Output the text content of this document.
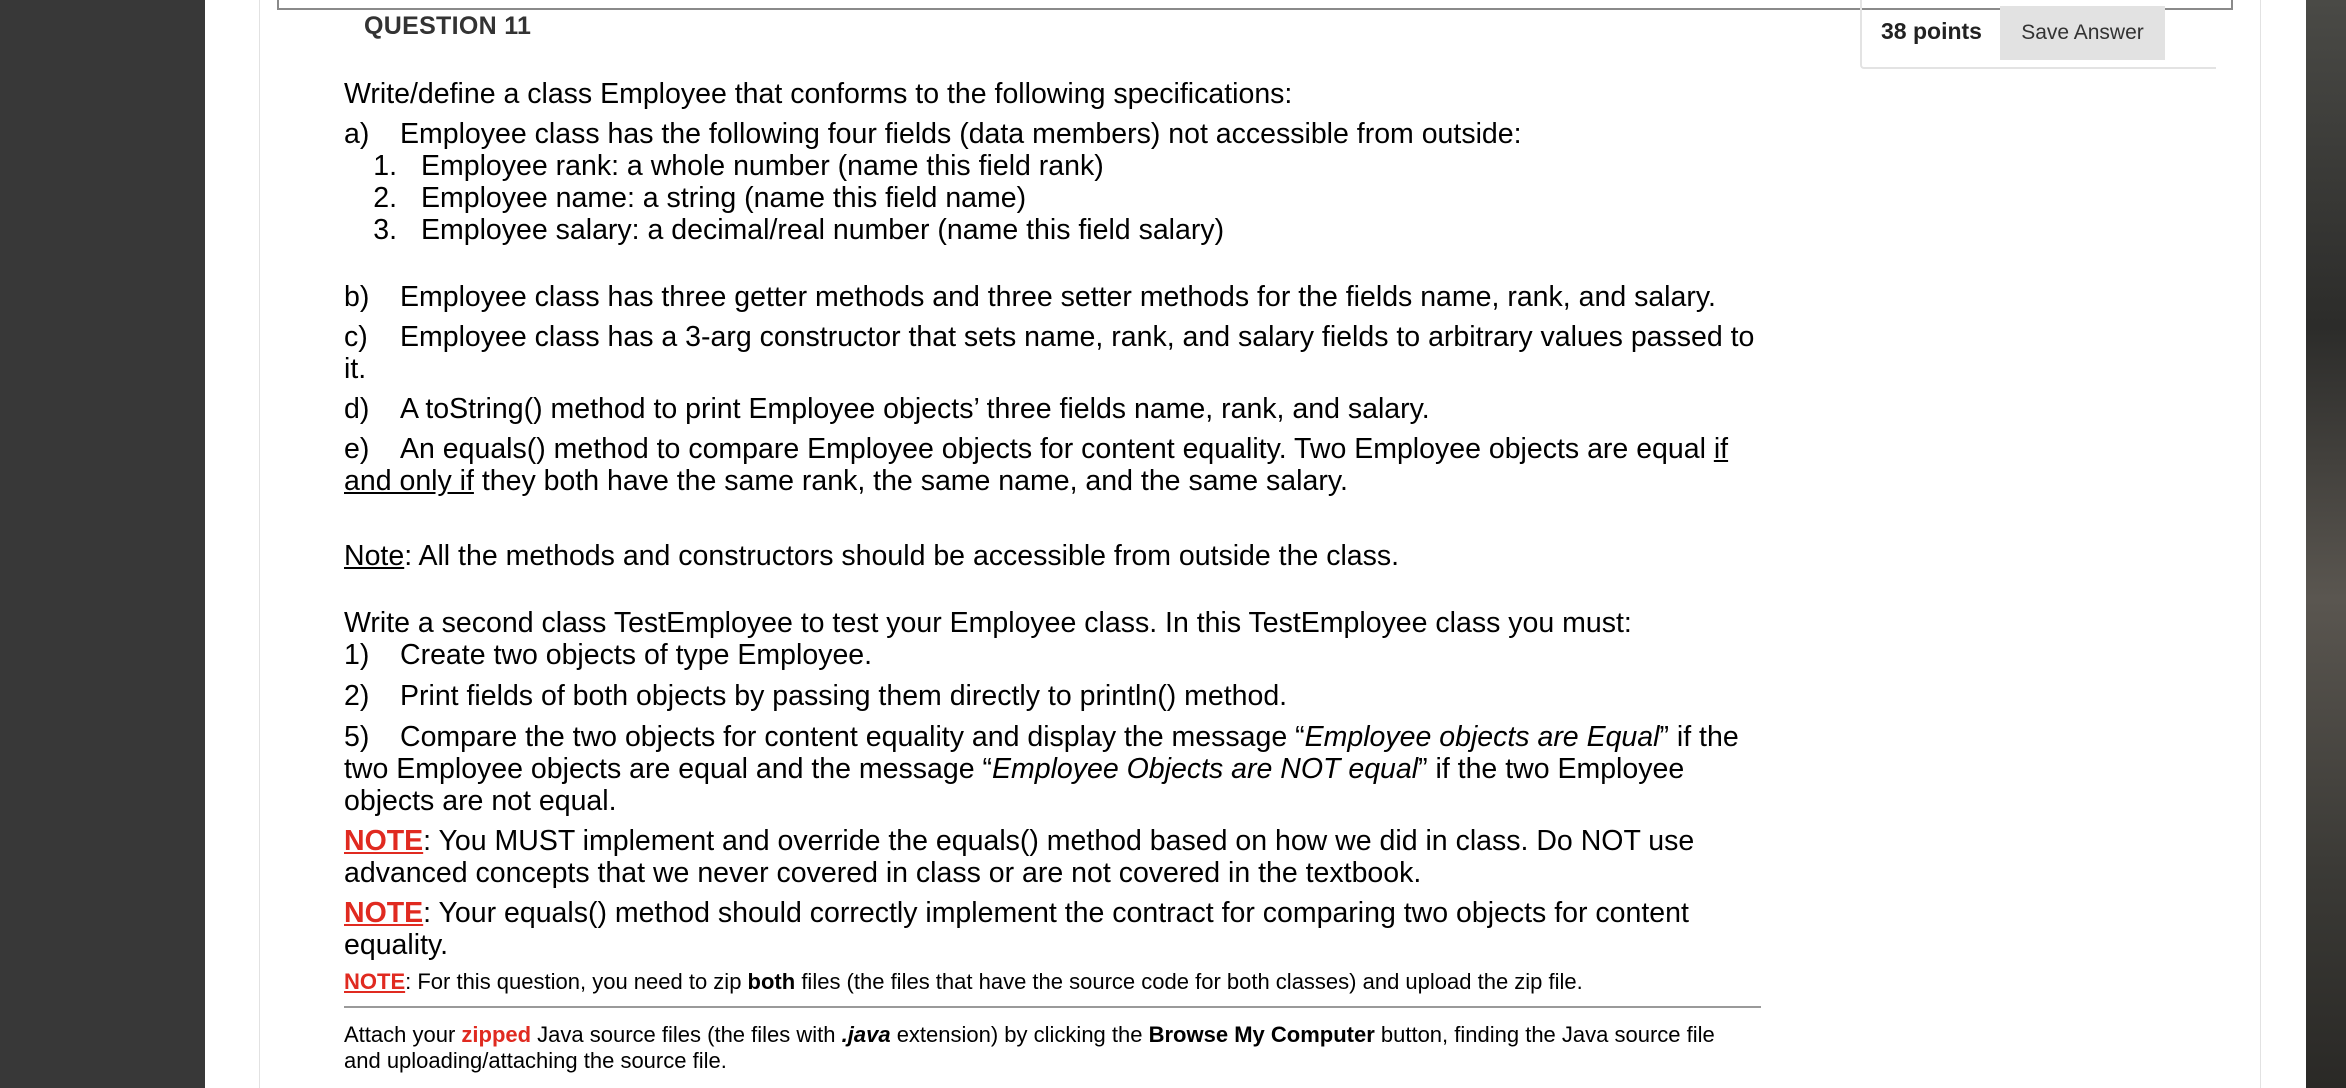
QUESTION 11	38 points	Save Answer
Write/define a class Employee that conforms to the following specifications:
a) Employee class has the following four fields (data members) not accessible from outside:
1. Employee rank: a whole number (name this field rank)
2. Employee name: a string (name this field name)
3. Employee salary: a decimal/real number (name this field salary)
b) Employee class has three getter methods and three setter methods for the fields name, rank, and salary.
c) Employee class has a 3-arg constructor that sets name, rank, and salary fields to arbitrary values passed to
it.
d) A toString() method to print Employee objects’ three fields name, rank, and salary.
e) An equals() method to compare Employee objects for content equality. Two Employee objects are equal if
and only if they both have the same rank, the same name, and the same salary.
Note: All the methods and constructors should be accessible from outside the class.
Write a second class TestEmployee to test your Employee class. In this TestEmployee class you must:
1) Create two objects of type Employee.
2) Print fields of both objects by passing them directly to println() method.
5) Compare the two objects for content equality and display the message “Employee objects are Equal” if the
two Employee objects are equal and the message “Employee Objects are NOT equal” if the two Employee
objects are not equal.
NOTE: You MUST implement and override the equals() method based on how we did in class. Do NOT use
advanced concepts that we never covered in class or are not covered in the textbook.
NOTE: Your equals() method should correctly implement the contract for comparing two objects for content
equality.
NOTE: For this question, you need to zip both files (the files that have the source code for both classes) and upload the zip file.
Attach your zipped Java source files (the files with .java extension) by clicking the Browse My Computer button, finding the Java source file
and uploading/attaching the source file.
